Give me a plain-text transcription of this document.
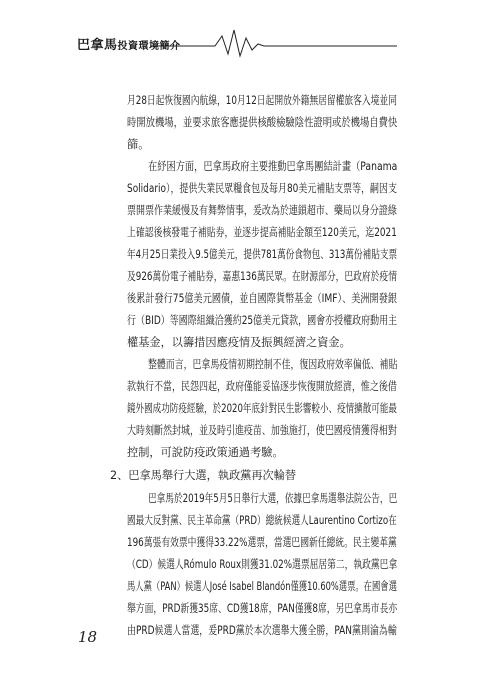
巴拿馬投資環境簡介
月28日起恢復國內航線，10月12日起開放外籍無居留權旅客入境並同
時開放機場，並要求旅客應提供核酸檢驗陰性證明或於機場自費快
篩。
在紓困方面，巴拿馬政府主要推動巴拿馬團結計畫（Panama
Solidario），提供失業民眾糧食包及每月80美元補貼支票等，嗣因支
票開票作業緩慢及有舞弊情事，爰改為於連鎖超市、藥局以身分證綠
上確認後核發電子補貼券，並逐步提高補貼金額至120美元，迄2021
年4月25日業投入9.5億美元，提供781萬份食物包、313萬份補貼支票
及926萬份電子補貼券，嘉惠136萬民眾。在財源部分，巴政府於疫情
後累計發行75億美元國債，並自國際貨幣基金（IMF）、美洲開發銀
行（BID）等國際組織洽獲約25億美元貸款，國會亦授權政府動用主
權基金，以籌措因應疫情及振興經濟之資金。
整體而言，巴拿馬疫情初期控制不佳，復因政府效率偏低、補貼
款執行不當，民怨四起，政府僅能妥協逐步恢復開放經濟，惟之後借
鏡外國成功防疫經驗，於2020年底針對民生影響較小、疫情擴散可能最
大時刻斷然封城，並及時引進疫苗、加強施打，使巴國疫情獲得相對
控制，可說防疫政策通過考驗。
2、巴拿馬舉行大選，執政黨再次輪替
巴拿馬於2019年5月5日舉行大選，依據巴拿馬選舉法院公告，巴
國最大反對黨、民主革命黨（PRD）總統候選人Laurentino Cortizo在
196萬張有效票中獲得33.22%選票，當選巴國新任總統。民主變革黨
（CD）候選人Rómulo Roux則獲31.02%選票屈居第二，執政黨巴拿
馬人黨（PAN）候選人José Isabel Blandón僅獲10.60%選票。在國會選
舉方面，PRD新獲35席、CD獲18席，PAN僅獲8席，另巴拿馬市長亦
由PRD候選人當選，爰PRD黨於本次選舉大獲全勝，PAN黨則淪為輸
18
